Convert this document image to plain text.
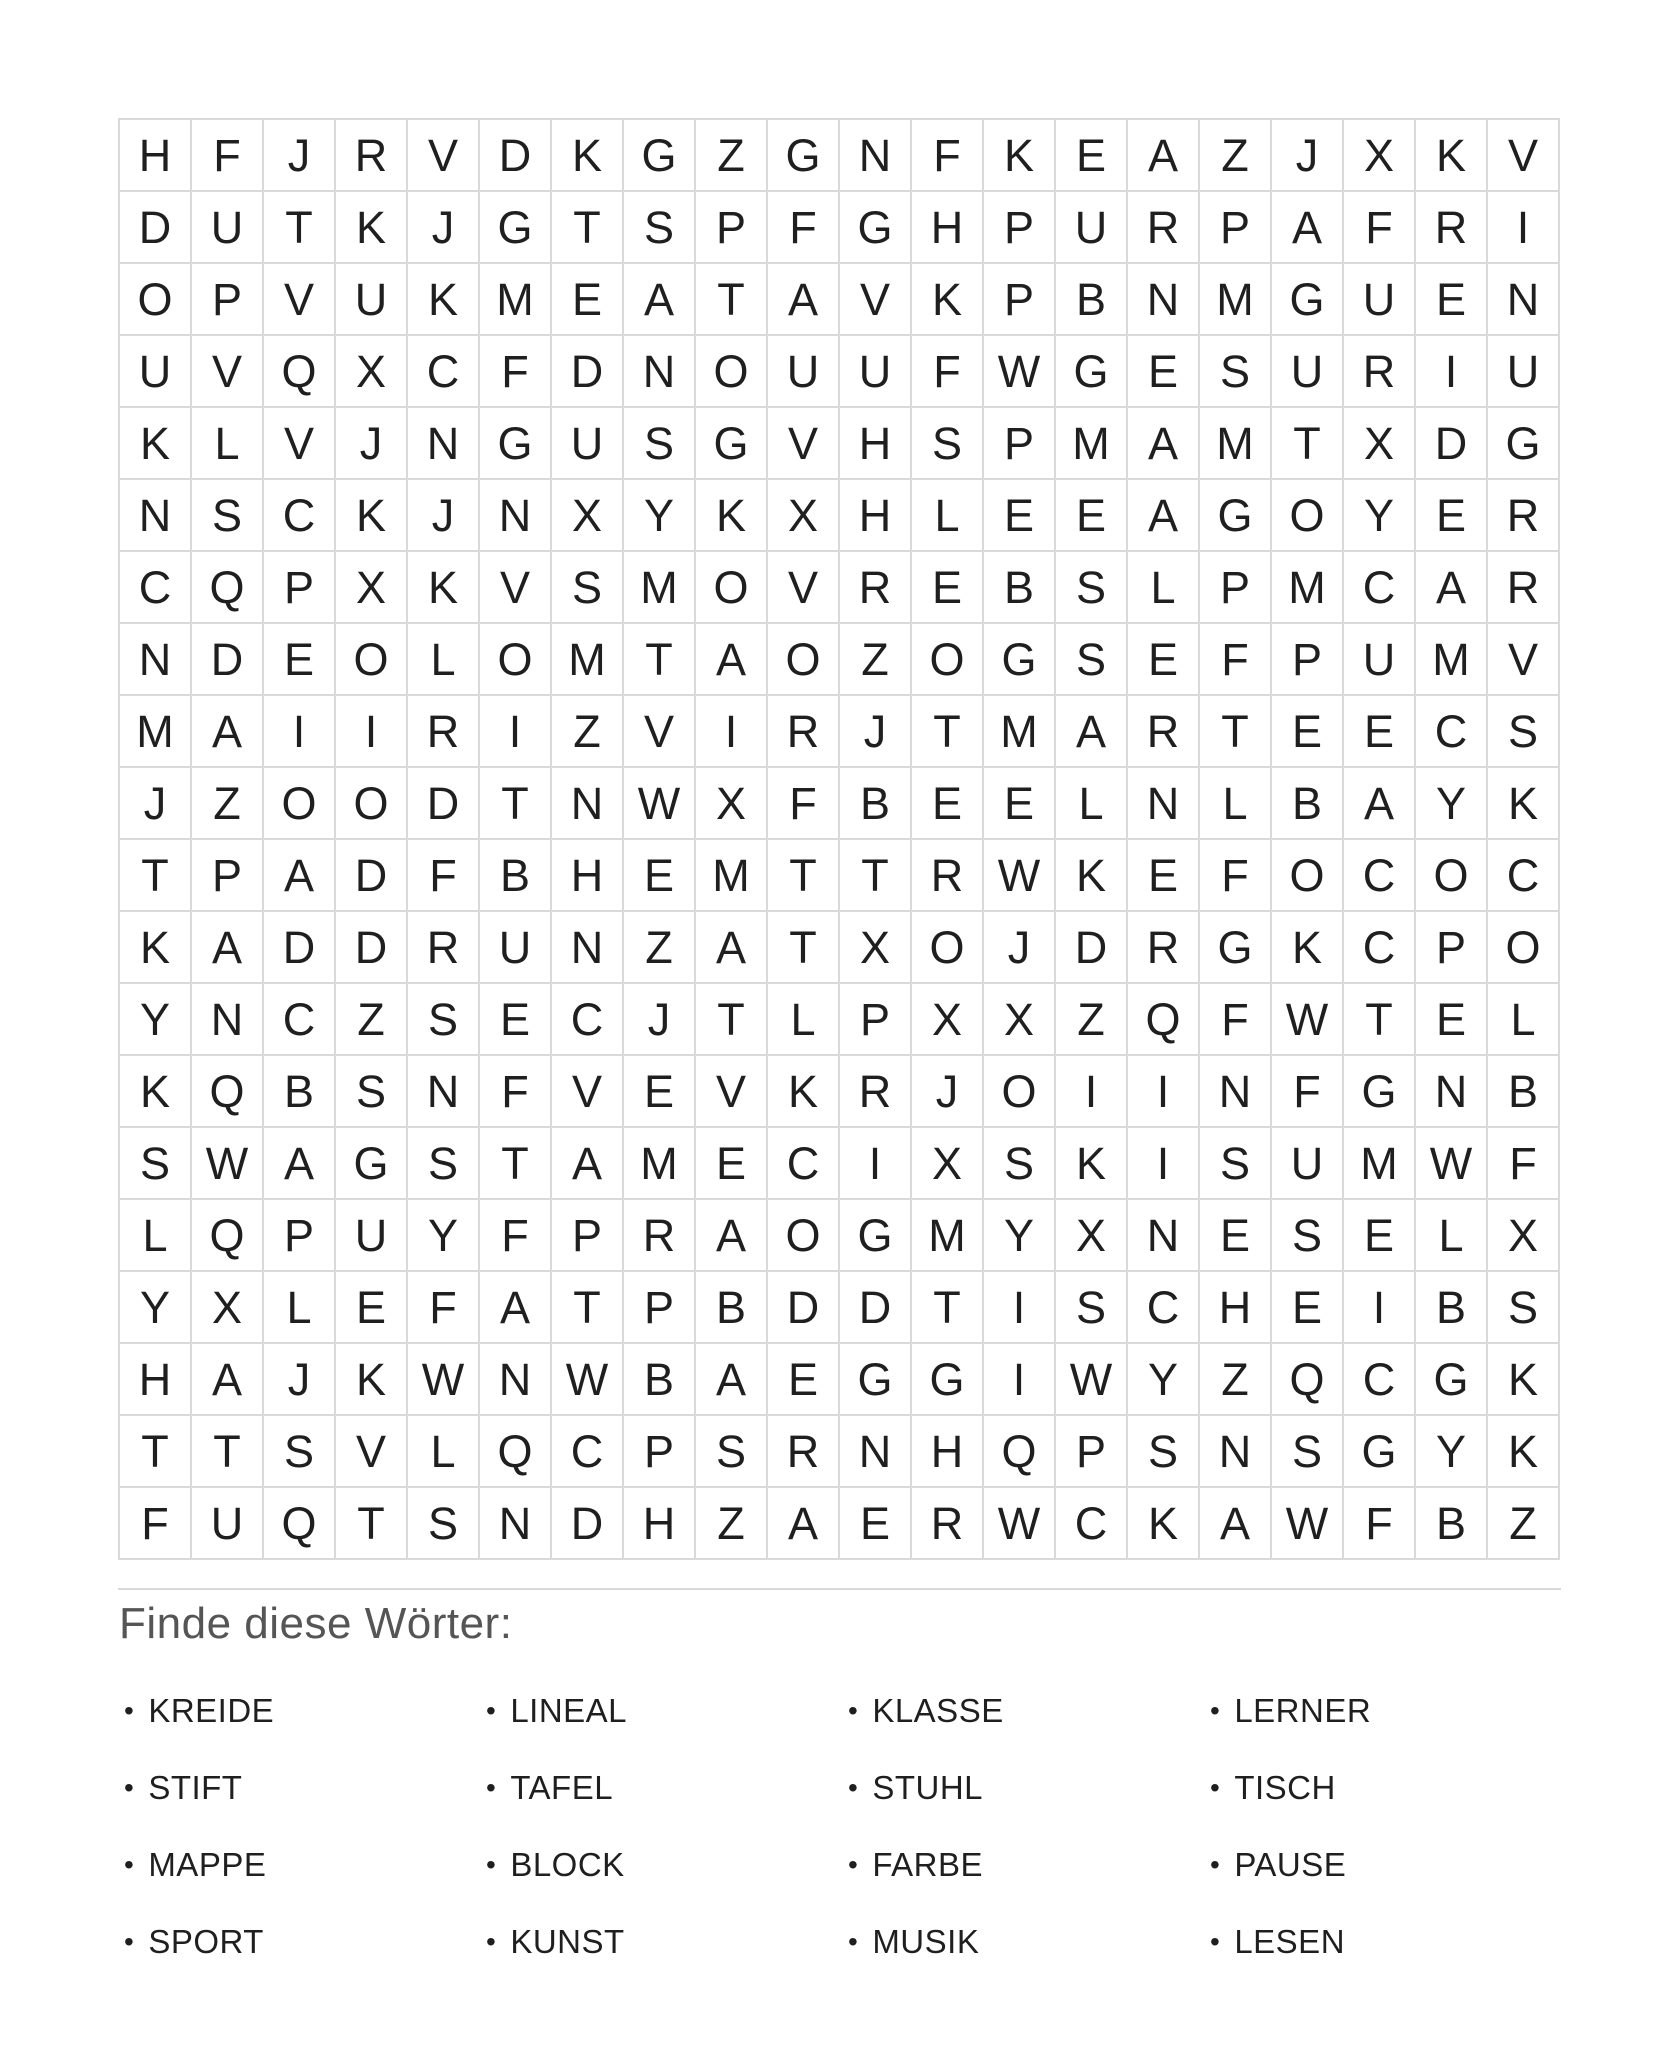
H F	J R V D K G Z G N F K E A Z	J	X K V
D U T K	J G T S P F G H P U R P A F R	I
O P V U K M E A T A V K P B N M G U E N
U V Q X C F D N O U U F W G E S U R	I	U
K L V	J N G U S G V H S P M A M T X D G
N S C K	J N X Y K X H L E E A G O Y E R
C Q P X K V S M O V R E B S L P M C A R
N D E O L O M T A O Z O G S E F P U M V
M A	I	I	R	I	Z V	I	R J	T M A R T E E C S
J	Z O O D T N W X F B E E L N L B A Y K
T P A D F B H E M T T R W K E F O C O C
K A D D R U N Z A T X O J D R G K C P O
Y N C Z S E C J	T	L P X X Z Q F W T E L
K Q B S N F V E V K R J O	I	I	N F G N B
S W A G S T A M E C	I	X S K	I	S U M W F
L Q P U Y F P R A O G M Y X N E S E L X
Y X L E F A T P B D D T	I	S C H E	I	B S
H A	J	K W N W B A E G G	I W Y Z Q C G K
T T S V L Q C P S R N H Q P S N S G Y K
F U Q T S N D H Z A E R W C K A W F B Z
Finde diese Wörter:
• KREIDE
• STIFT
• MAPPE
• SPORT
• LINEAL
• TAFEL
• BLOCK
• KUNST
• KLASSE
• STUHL
• FARBE
• MUSIK
• LERNER
• TISCH
• PAUSE
• LESEN
